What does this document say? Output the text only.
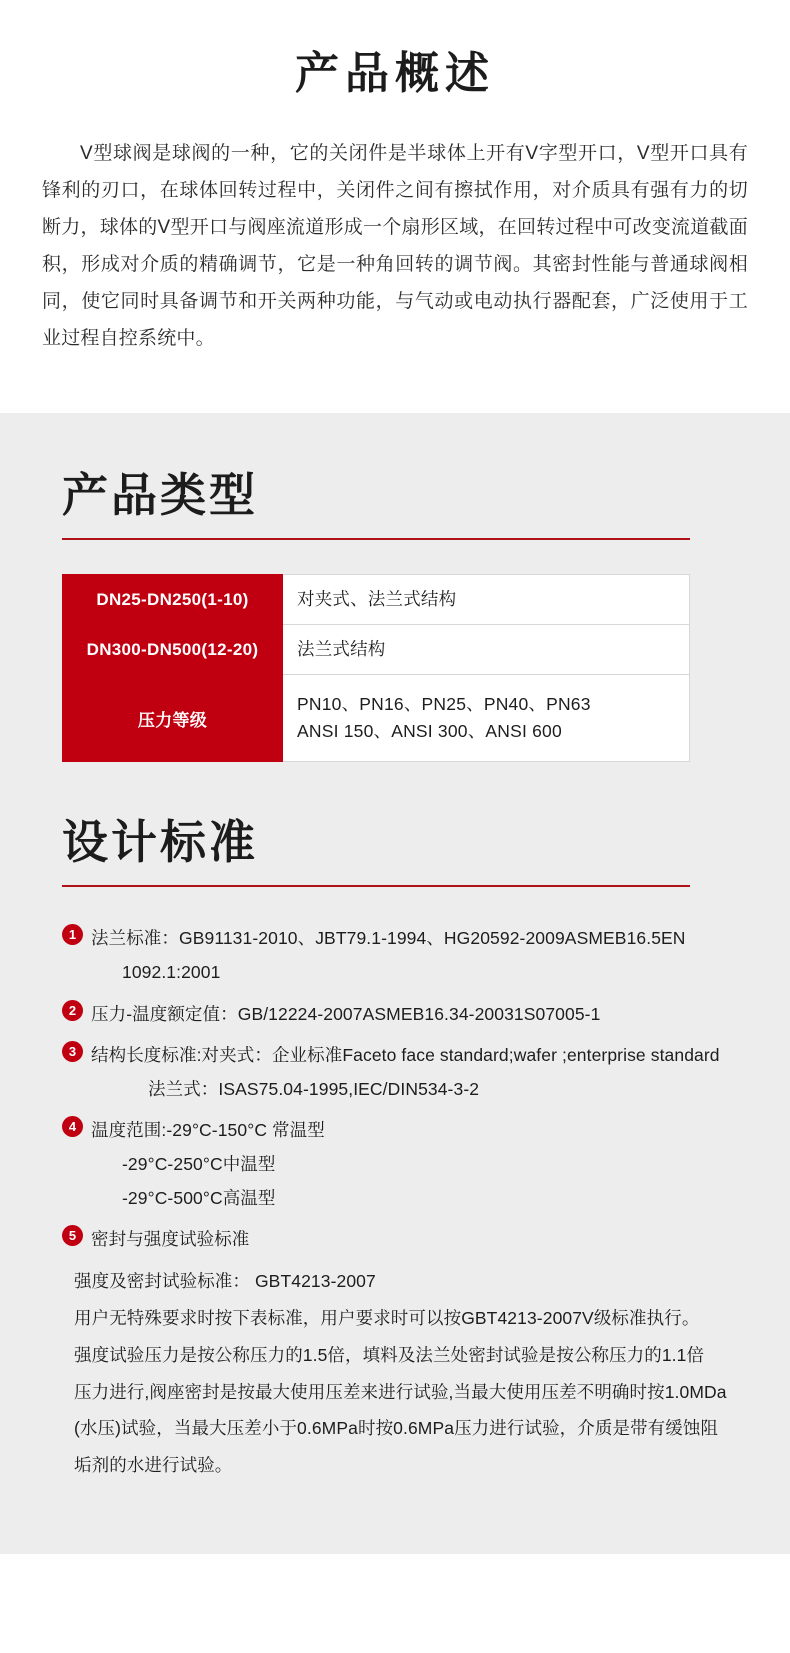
产品概述

V型球阀是球阀的一种，它的关闭件是半球体上开有V字型开口，V型开口具有锋利的刃口，在球体回转过程中，关闭件之间有擦拭作用，对介质具有强有力的切断力，球体的V型开口与阀座流道形成一个扇形区域，在回转过程中可改变流道截面积，形成对介质的精确调节，它是一种角回转的调节阀。其密封性能与普通球阀相同，使它同时具备调节和开关两种功能，与气动或电动执行器配套，广泛使用于工业过程自控系统中。

产品类型
DN25-DN250(1-10)	对夹式、法兰式结构
DN300-DN500(12-20)	法兰式结构
压力等级	PN10、PN16、PN25、PN40、PN63
ANSI 150、ANSI 300、ANSI 600
设计标准
1 法兰标准：GB91131-2010、JBT79.1-1994、HG20592-2009ASMEB16.5EN
1092.1:2001
2 压力-温度额定值：GB/12224-2007ASMEB16.34-20031S07005-1
3 结构长度标准:对夹式：企业标准Faceto face standard;wafer ;enterprise standard
法兰式：ISAS75.04-1995,IEC/DIN534-3-2
4 温度范围:-29°C-150°C 常温型
-29°C-250°C中温型
-29°C-500°C高温型
5 密封与强度试验标准

强度及密封试验标准： GBT4213-2007

用户无特殊要求时按下表标准，用户要求时可以按GBT4213-2007V级标准执行。

强度试验压力是按公称压力的1.5倍，填料及法兰处密封试验是按公称压力的1.1倍

压力进行,阀座密封是按最大使用压差来进行试验,当最大使用压差不明确时按1.0MDa

(水压)试验，当最大压差小于0.6MPa时按0.6MPa压力进行试验，介质是带有缓蚀阻

垢剂的水进行试验。
